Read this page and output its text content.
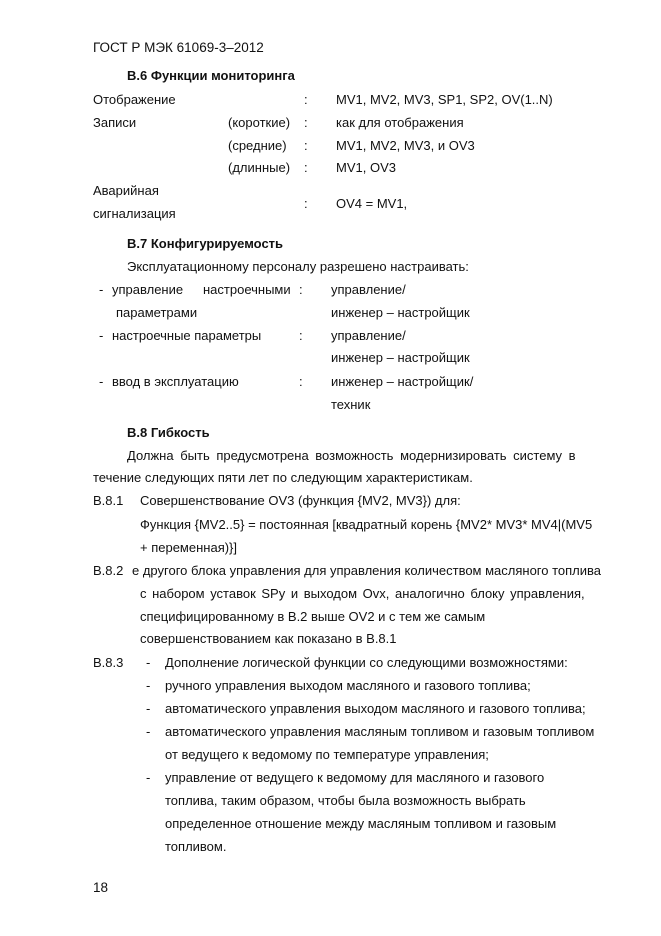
ГОСТ Р МЭК 61069-3–2012
В.6 Функции мониторинга
Отображение	: MV1, MV2, MV3, SP1, SP2, OV(1..N)
Записи	(короткие) : как для отображения
(средние) : MV1, MV2, MV3, и OV3
(длинные) : MV1, OV3
Аварийная
сигнализация
: OV4 = MV1,
В.7 Конфигурируемость
Эксплуатационному персоналу разрешено настраивать:
- управление настроечными : управление/
параметрами	инженер – настройщик
- настроечные параметры	: управление/
инженер – настройщик
- ввод в эксплуатацию	: инженер – настройщик/
техник
В.8 Гибкость
Должна быть предусмотрена возможность модернизировать систему в
течение следующих пяти лет по следующим характеристикам.
В.8.1 Совершенствование OV3 (функция {MV2, MV3}) для:
Функция {MV2..5} = постоянная [квадратный корень {MV2* MV3* MV4|(MV5
+ переменная)}]
В.8.2 е другого блока управления для управления количеством масляного топлива
с набором уставок SPy и выходом Ovx, аналогично блоку управления,
специфицированному в В.2 выше OV2 и с тем же самым
совершенствованием как показано в В.8.1
В.8.3 - Дополнение логической функции со следующими возможностями:
- ручного управления выходом масляного и газового топлива;
- автоматического управления выходом масляного и газового топлива;
- автоматического управления масляным топливом и газовым топливом
от ведущего к ведомому по температуре управления;
- управление от ведущего к ведомому для масляного и газового
топлива, таким образом, чтобы была возможность выбрать
определенное отношение между масляным топливом и газовым
топливом.
18
